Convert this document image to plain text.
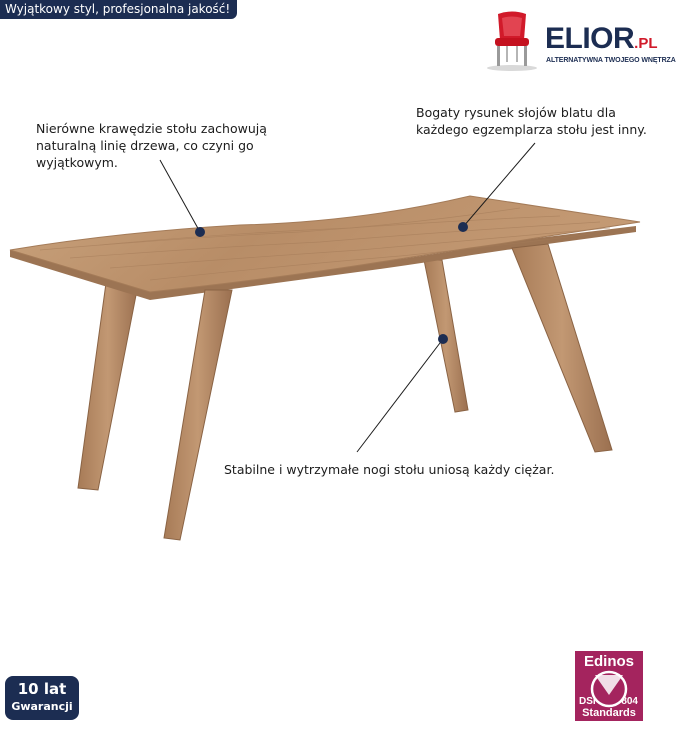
Wyjątkowy styl, profesjonalna jakość!
ELIOR.PL
ALTERNATYWNA TWOJEGO WNĘTRZA
Nierówne krawędzie stołu zachowują naturalną linię drzewa, co czyni go wyjątkowym.
Bogaty rysunek słojów blatu dla każdego egzemplarza stołu jest inny.
Stabilne i wytrzymałe nogi stołu uniosą każdy ciężar.
10 lat
Gwarancji
Edinos
DSI	804
Standards
